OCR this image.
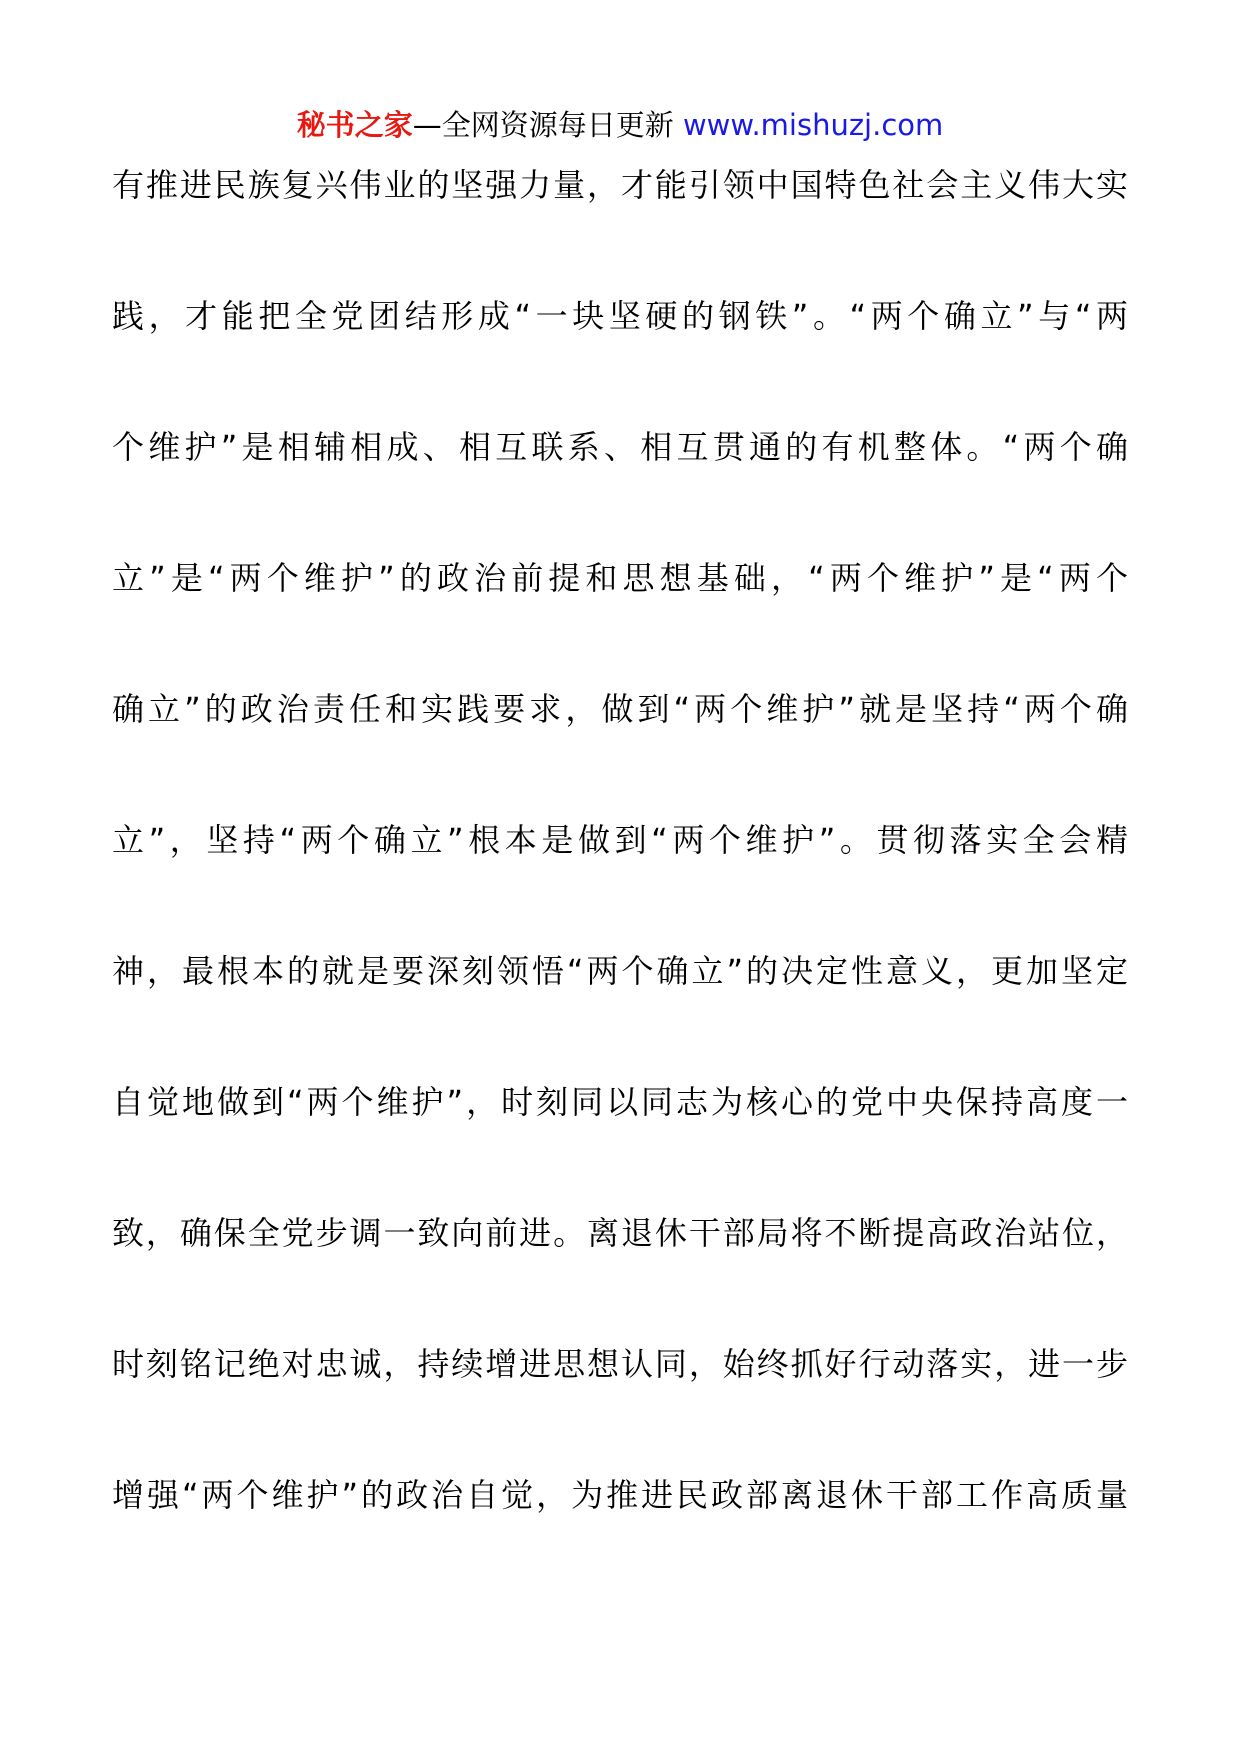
秘书之家—全网资源每日更新 www.mishuzj.com
有推进民族复兴伟业的坚强力量，才能引领中国特色社会主义伟大实
践，才能把全党团结形成“一块坚硬的钢铁”。“两个确立”与“两
个维护”是相辅相成、相互联系、相互贯通的有机整体。“两个确
立”是“两个维护”的政治前提和思想基础，“两个维护”是“两个
确立”的政治责任和实践要求，做到“两个维护”就是坚持“两个确
立”，坚持“两个确立”根本是做到“两个维护”。贯彻落实全会精
神，最根本的就是要深刻领悟“两个确立”的决定性意义，更加坚定
自觉地做到“两个维护”，时刻同以同志为核心的党中央保持高度一
致，确保全党步调一致向前进。离退休干部局将不断提高政治站位，
时刻铭记绝对忠诚，持续增进思想认同，始终抓好行动落实，进一步
增强“两个维护”的政治自觉，为推进民政部离退休干部工作高质量
